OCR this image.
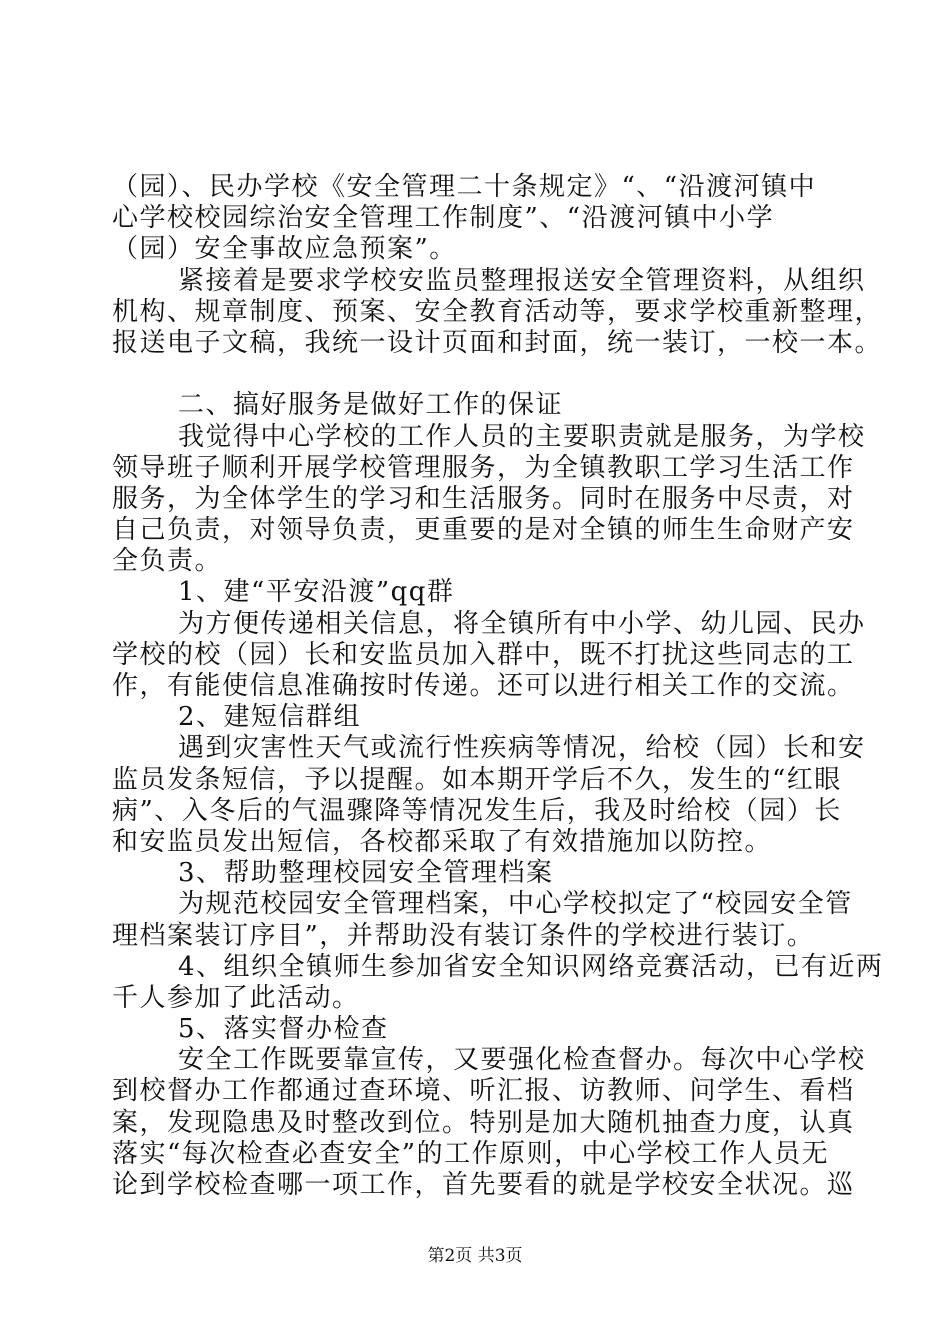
（园）、民办学校《安全管理二十条规定》“、“沿渡河镇中
心学校校园综治安全管理工作制度”、“沿渡河镇中小学
（园）安全事故应急预案”。
紧接着是要求学校安监员整理报送安全管理资料，从组织
机构、规章制度、预案、安全教育活动等，要求学校重新整理，
报送电子文稿，我统一设计页面和封面，统一装订，一校一本。
二、搞好服务是做好工作的保证
我觉得中心学校的工作人员的主要职责就是服务，为学校
领导班子顺利开展学校管理服务，为全镇教职工学习生活工作
服务，为全体学生的学习和生活服务。同时在服务中尽责，对
自己负责，对领导负责，更重要的是对全镇的师生生命财产安
全负责。
1、建“平安沿渡”qq群
为方便传递相关信息，将全镇所有中小学、幼儿园、民办
学校的校（园）长和安监员加入群中，既不打扰这些同志的工
作，有能使信息准确按时传递。还可以进行相关工作的交流。
2、建短信群组
遇到灾害性天气或流行性疾病等情况，给校（园）长和安
监员发条短信，予以提醒。如本期开学后不久，发生的“红眼
病”、入冬后的气温骤降等情况发生后，我及时给校（园）长
和安监员发出短信，各校都采取了有效措施加以防控。
3、帮助整理校园安全管理档案
为规范校园安全管理档案，中心学校拟定了“校园安全管
理档案装订序目”，并帮助没有装订条件的学校进行装订。
4、组织全镇师生参加省安全知识网络竞赛活动，已有近两
千人参加了此活动。
5、落实督办检查
安全工作既要靠宣传，又要强化检查督办。每次中心学校
到校督办工作都通过查环境、听汇报、访教师、问学生、看档
案，发现隐患及时整改到位。特别是加大随机抽查力度，认真
落实“每次检查必查安全”的工作原则，中心学校工作人员无
论到学校检查哪一项工作，首先要看的就是学校安全状况。巡
第2页 共3页
